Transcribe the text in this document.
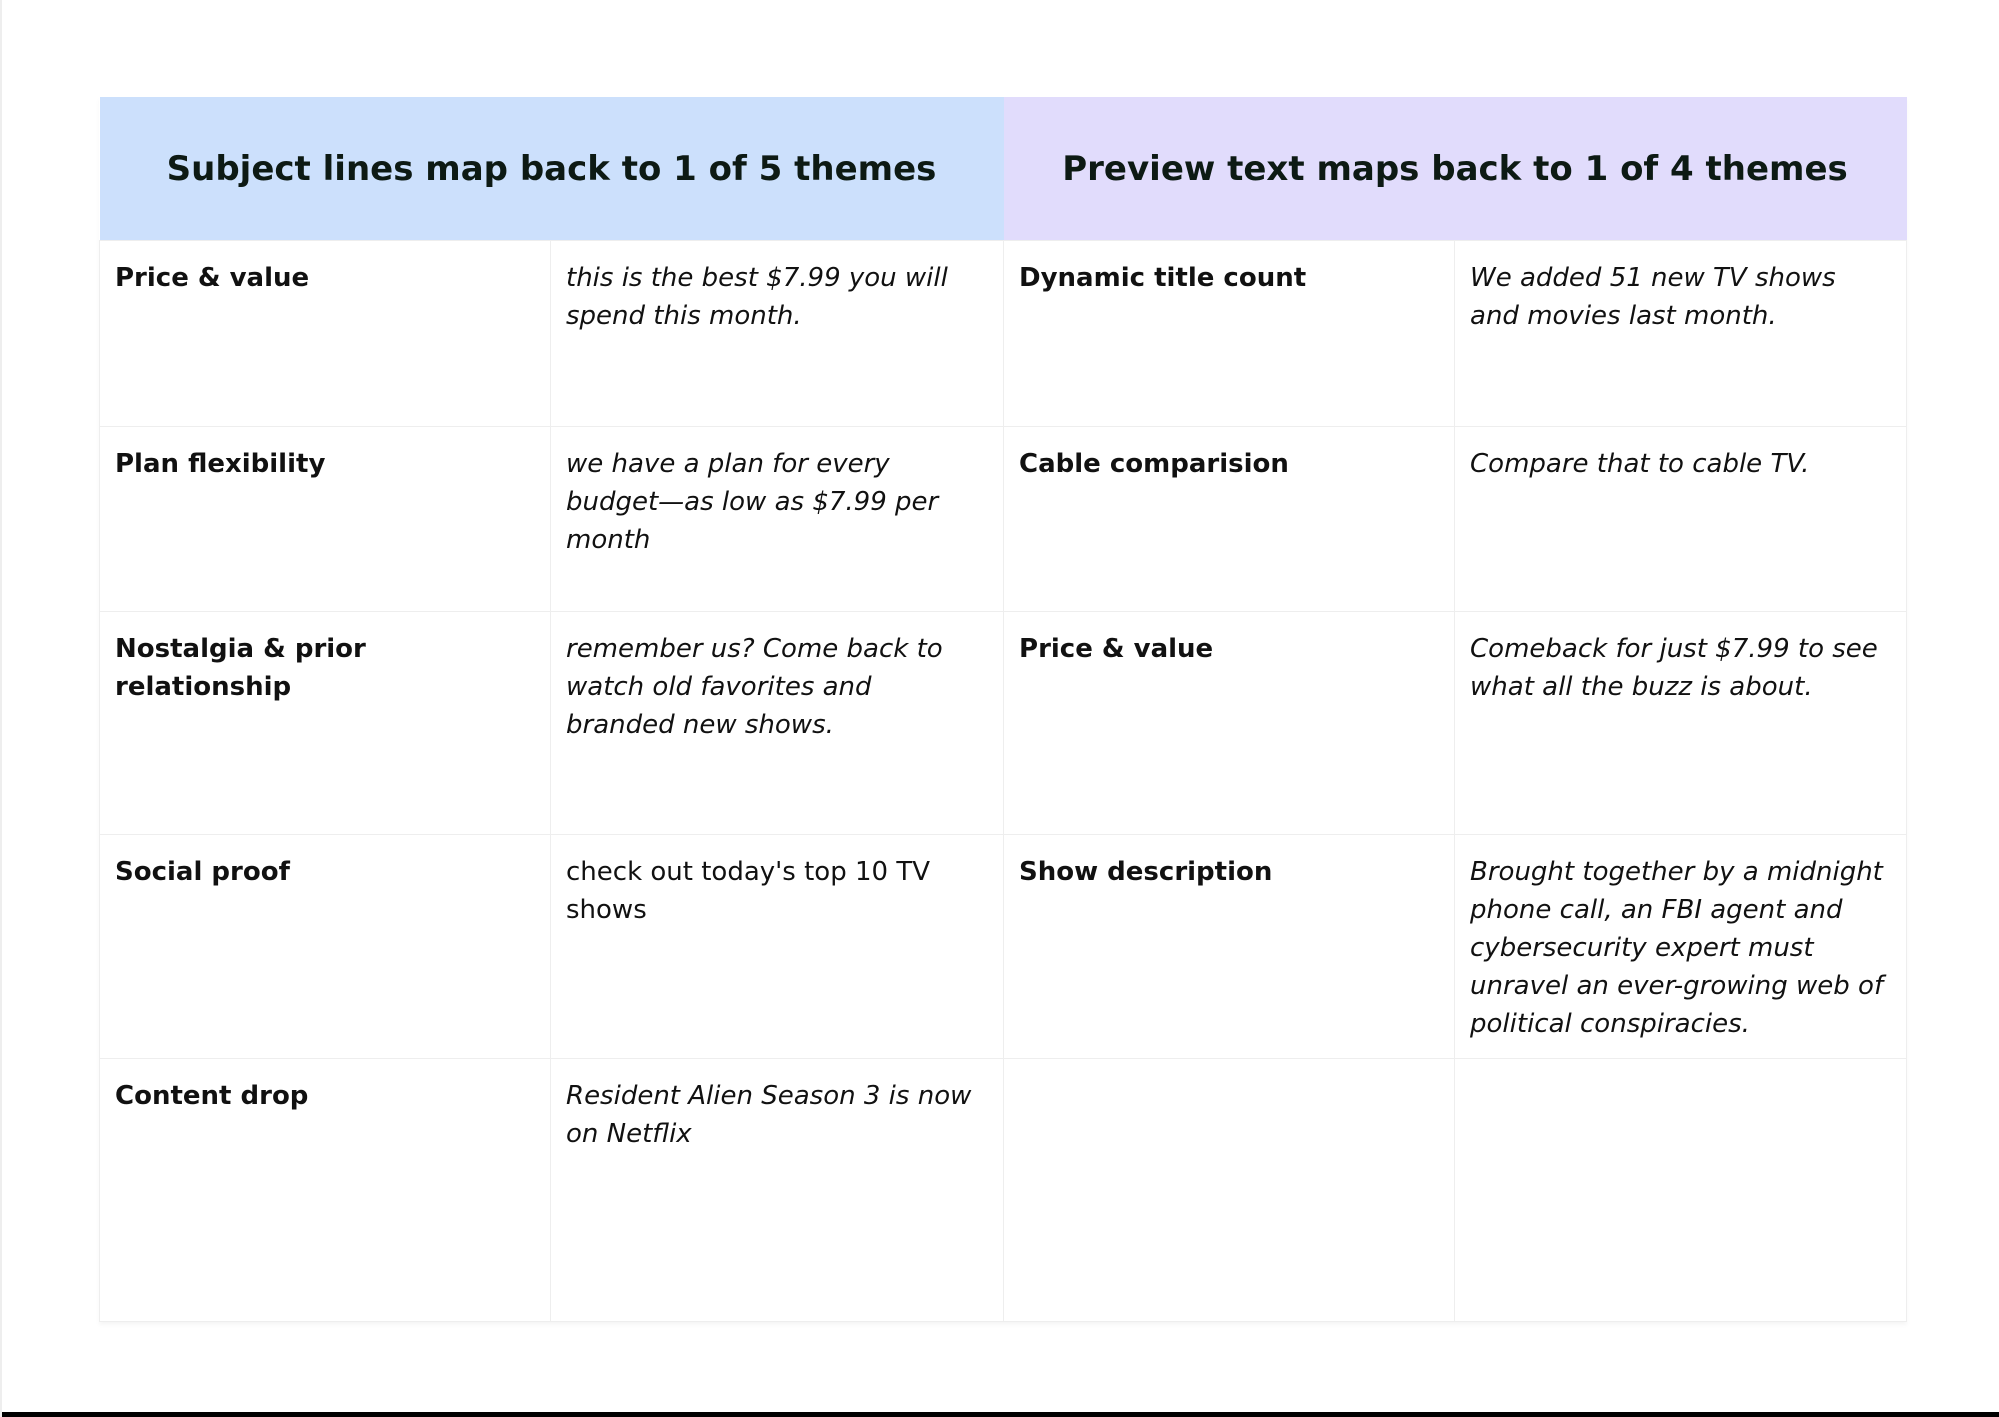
Subject lines map back to 1 of 5 themes		Preview text maps back to 1 of 4 themes	
Price & value	this is the best $7.99 you will spend this month.	Dynamic title count	We added 51 new TV shows and movies last month.
Plan flexibility	we have a plan for every budget—as low as $7.99 per month	Cable comparision	Compare that to cable TV.
Nostalgia & prior relationship	remember us? Come back to watch old favorites and branded new shows.	Price & value	Comeback for just $7.99 to see what all the buzz is about.
Social proof	check out today's top 10 TV shows	Show description	Brought together by a midnight phone call, an FBI agent and cybersecurity expert must unravel an ever-growing web of political conspiracies.
Content drop	Resident Alien Season 3 is now on Netflix		
